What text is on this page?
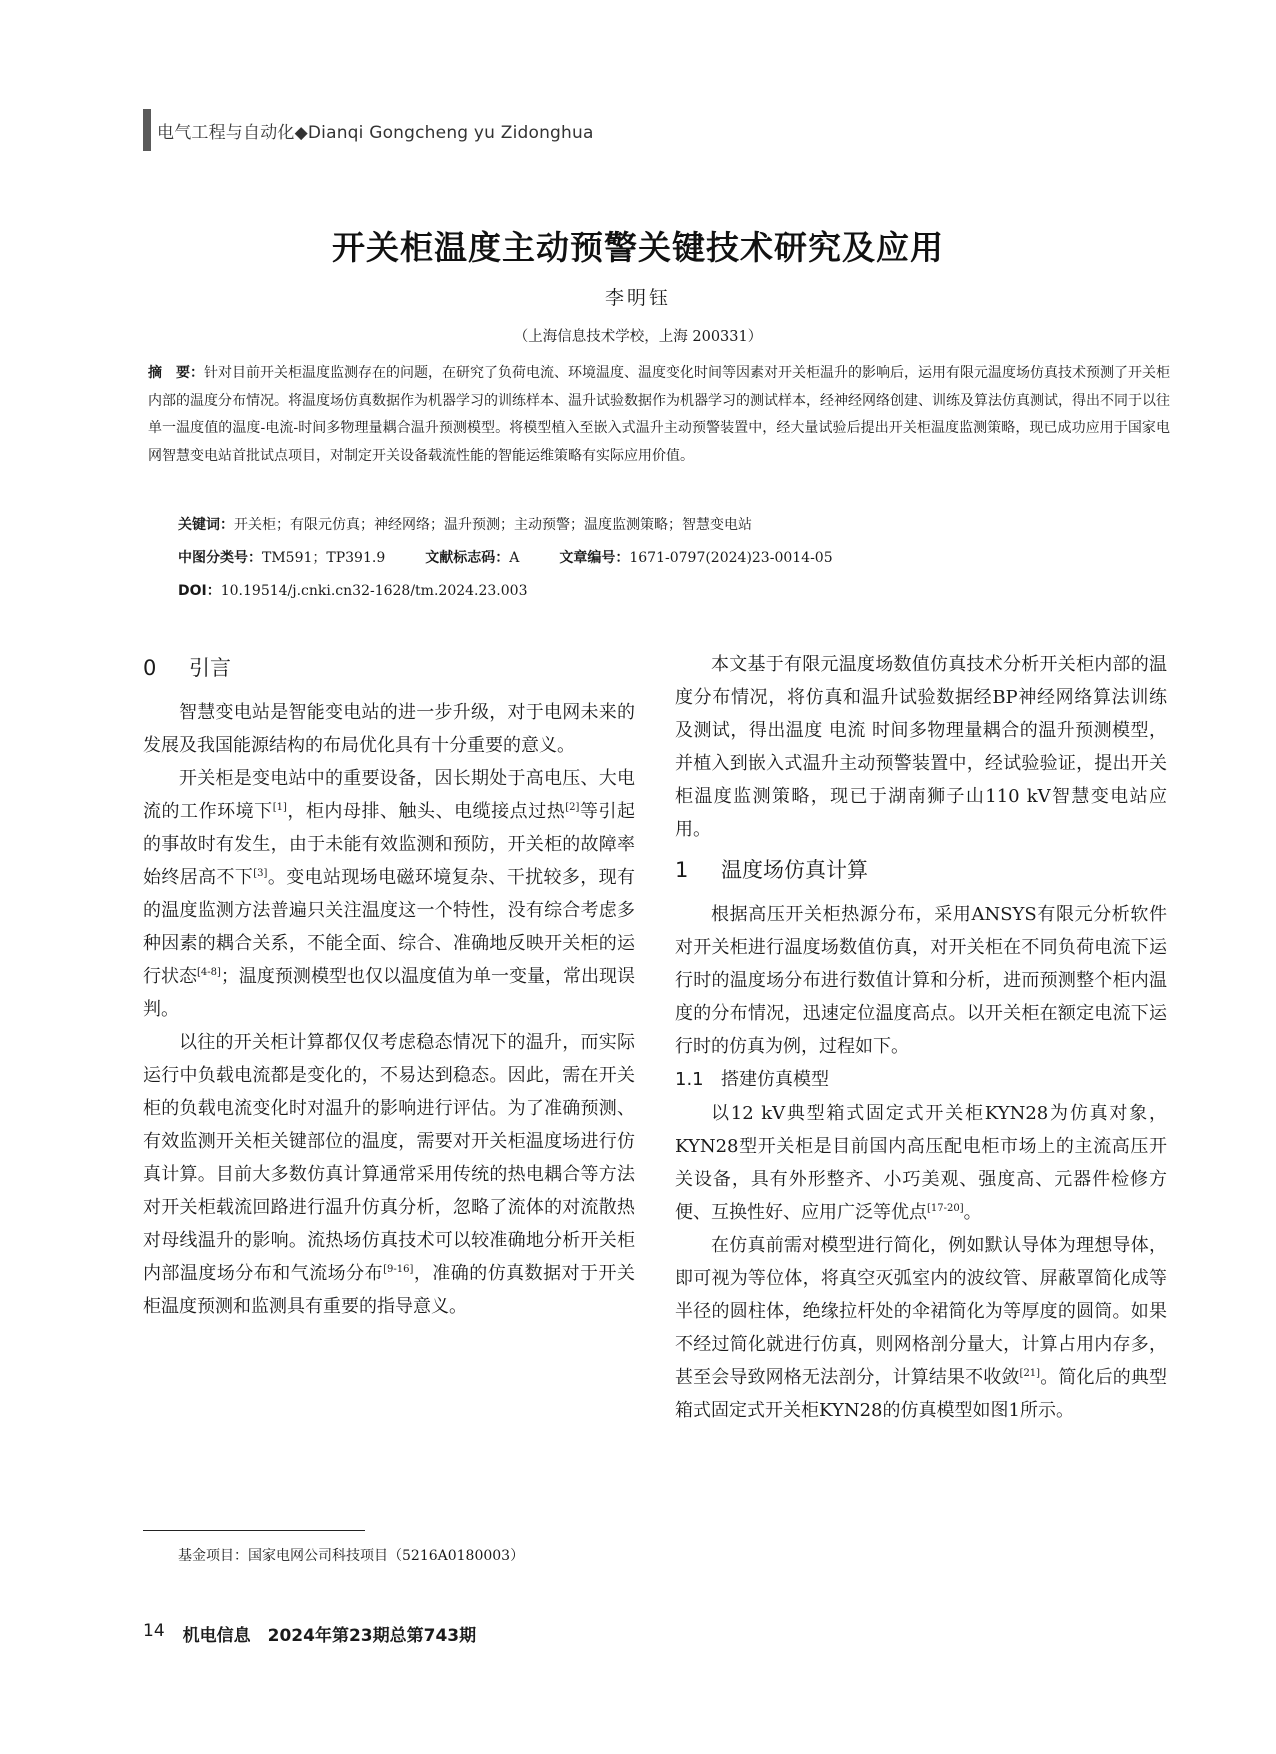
电气工程与自动化◆Dianqi Gongcheng yu Zidonghua
开关柜温度主动预警关键技术研究及应用
李明钰
（上海信息技术学校，上海 200331）
摘　要：针对目前开关柜温度监测存在的问题，在研究了负荷电流、环境温度、温度变化时间等因素对开关柜温升的影响后，运用有限元温度场仿真技术预测了开关柜内部的温度分布情况。将温度场仿真数据作为机器学习的训练样本、温升试验数据作为机器学习的测试样本，经神经网络创建、训练及算法仿真测试，得出不同于以往单一温度值的温度-电流-时间多物理量耦合温升预测模型。将模型植入至嵌入式温升主动预警装置中，经大量试验后提出开关柜温度监测策略，现已成功应用于国家电网智慧变电站首批试点项目，对制定开关设备载流性能的智能运维策略有实际应用价值。
关键词：开关柜；有限元仿真；神经网络；温升预测；主动预警；温度监测策略；智慧变电站
中图分类号：TM591；TP391.9	文献标志码：A	文章编号：1671-0797(2024)23-0014-05
DOI：10.19514/j.cnki.cn32-1628/tm.2024.23.003
0 引言

智慧变电站是智能变电站的进一步升级，对于电网未来的发展及我国能源结构的布局优化具有十分重要的意义。

开关柜是变电站中的重要设备，因长期处于高电压、大电流的工作环境下[1]，柜内母排、触头、电缆接点过热[2]等引起的事故时有发生，由于未能有效监测和预防，开关柜的故障率始终居高不下[3]。变电站现场电磁环境复杂、干扰较多，现有的温度监测方法普遍只关注温度这一个特性，没有综合考虑多种因素的耦合关系，不能全面、综合、准确地反映开关柜的运行状态[4-8]；温度预测模型也仅以温度值为单一变量，常出现误判。

以往的开关柜计算都仅仅考虑稳态情况下的温升，而实际运行中负载电流都是变化的，不易达到稳态。因此，需在开关柜的负载电流变化时对温升的影响进行评估。为了准确预测、有效监测开关柜关键部位的温度，需要对开关柜温度场进行仿真计算。目前大多数仿真计算通常采用传统的热电耦合等方法对开关柜载流回路进行温升仿真分析，忽略了流体的对流散热对母线温升的影响。流热场仿真技术可以较准确地分析开关柜内部温度场分布和气流场分布[9-16]，准确的仿真数据对于开关柜温度预测和监测具有重要的指导意义。

本文基于有限元温度场数值仿真技术分析开关柜内部的温度分布情况，将仿真和温升试验数据经BP神经网络算法训练及测试，得出温度 电流 时间多物理量耦合的温升预测模型，并植入到嵌入式温升主动预警装置中，经试验验证，提出开关柜温度监测策略，现已于湖南狮子山110 kV智慧变电站应用。

1 温度场仿真计算

根据高压开关柜热源分布，采用ANSYS有限元分析软件对开关柜进行温度场数值仿真，对开关柜在不同负荷电流下运行时的温度场分布进行数值计算和分析，进而预测整个柜内温度的分布情况，迅速定位温度高点。以开关柜在额定电流下运行时的仿真为例，过程如下。

1.1 搭建仿真模型

以12 kV典型箱式固定式开关柜KYN28为仿真对象，KYN28型开关柜是目前国内高压配电柜市场上的主流高压开关设备，具有外形整齐、小巧美观、强度高、元器件检修方便、互换性好、应用广泛等优点[17-20]。

在仿真前需对模型进行简化，例如默认导体为理想导体，即可视为等位体，将真空灭弧室内的波纹管、屏蔽罩简化成等半径的圆柱体，绝缘拉杆处的伞裙简化为等厚度的圆筒。如果不经过简化就进行仿真，则网格剖分量大，计算占用内存多，甚至会导致网格无法剖分，计算结果不收敛[21]。简化后的典型箱式固定式开关柜KYN28的仿真模型如图1所示。

基金项目：国家电网公司科技项目（5216A0180003）
14 机电信息　2024年第23期总第743期
